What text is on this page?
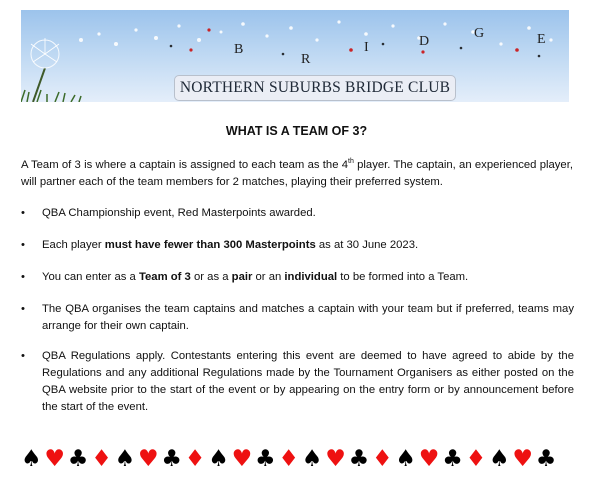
B
R
I	D
G	E
NORTHERN SUBURBS BRIDGE CLUB
WHAT IS A TEAM OF 3?

A Team of 3 is where a captain is assigned to each team as the 4th player. The captain, an experienced player, will partner each of the team members for 2 matches, playing their preferred system.

• QBA Championship event, Red Masterpoints awarded.
• Each player must have fewer than 300 Masterpoints as at 30 June 2023.
• You can enter as a Team of 3 or as a pair or an individual to be formed into a Team.
• The QBA organises the team captains and matches a captain with your team but if preferred, teams may arrange for their own captain.
• QBA Regulations apply. Contestants entering this event are deemed to have agreed to abide by the Regulations and any additional Regulations made by the Tournament Organisers as either posted on the QBA website prior to the start of the event or by appearing on the entry form or by announcement before the start of the event.
♠ ♥ ♣ ♦ ♠ ♥ ♣ ♦ ♠ ♥ ♣ ♦ ♠ ♥ ♣ ♦ ♠ ♥ ♣ ♦ ♠ ♥ ♣
